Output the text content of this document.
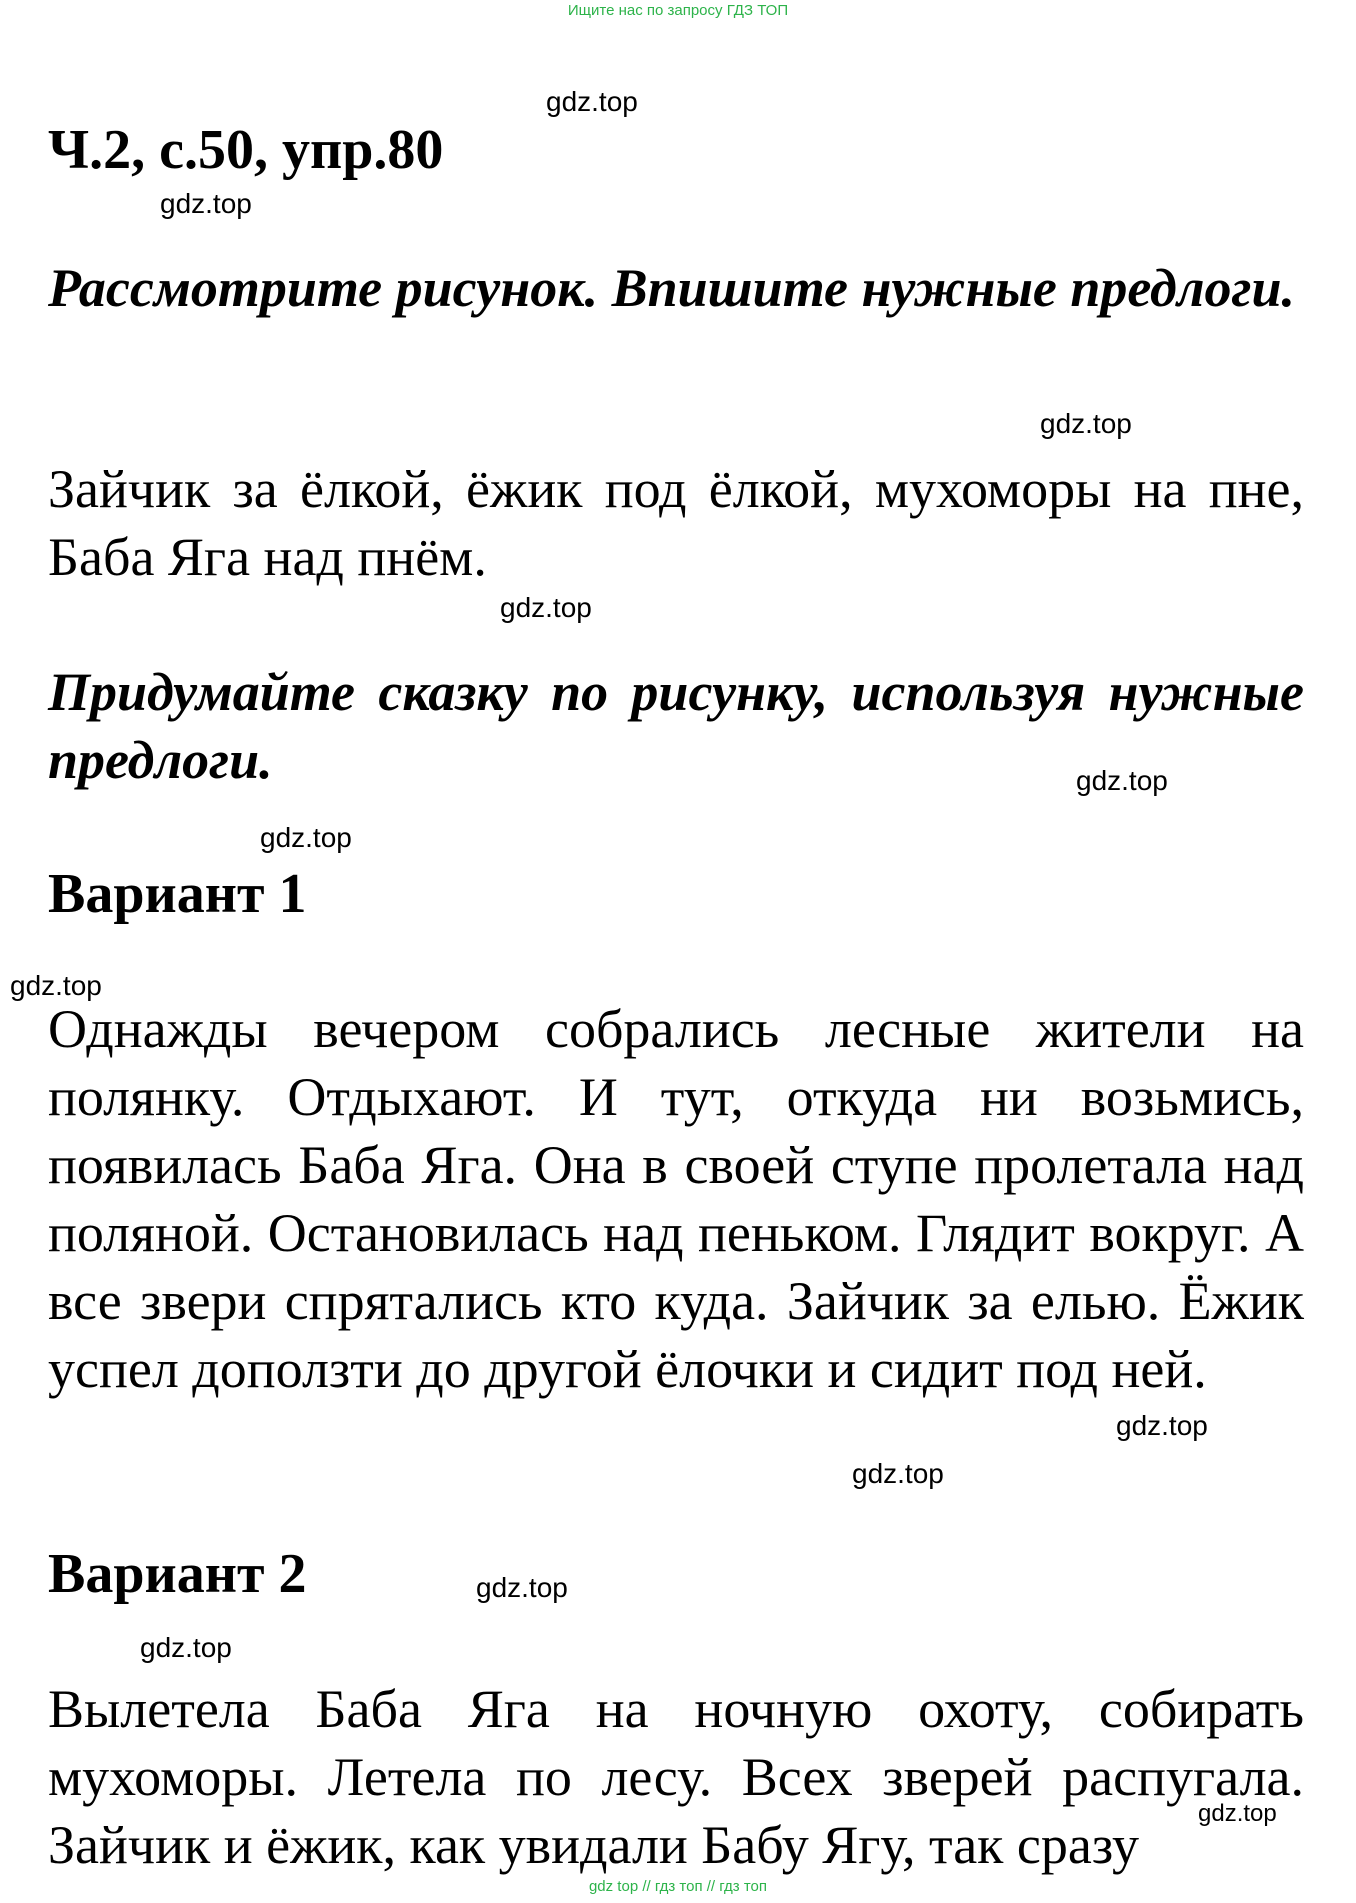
Ищите нас по запросу ГДЗ ТОП
Ч.2, с.50, упр.80
Рассмотрите рисунок. Впишите нужные предлоги.
Зайчик за ёлкой, ёжик под ёлкой, мухоморы на пне, Баба Яга над пнём.
Придумайте сказку по рисунку, используя нужные предлоги.
Вариант 1
Однажды вечером собрались лесные жители на полянку. Отдыхают. И тут, откуда ни возьмись, появилась Баба Яга. Она в своей ступе пролетала над поляной. Остановилась над пеньком. Глядит вокруг. А все звери спрятались кто куда. Зайчик за елью. Ёжик успел доползти до другой ёлочки и сидит под ней.
Вариант 2
Вылетела Баба Яга на ночную охоту, собирать мухоморы. Летела по лесу. Всех зверей распугала. Зайчик и ёжик, как увидали Бабу Ягу, так сразу
gdz.top
gdz.top
gdz.top
gdz.top
gdz.top
gdz.top
gdz.top
gdz.top
gdz.top
gdz.top
gdz.top
gdz.top
gdz top // гдз топ // гдз топ
